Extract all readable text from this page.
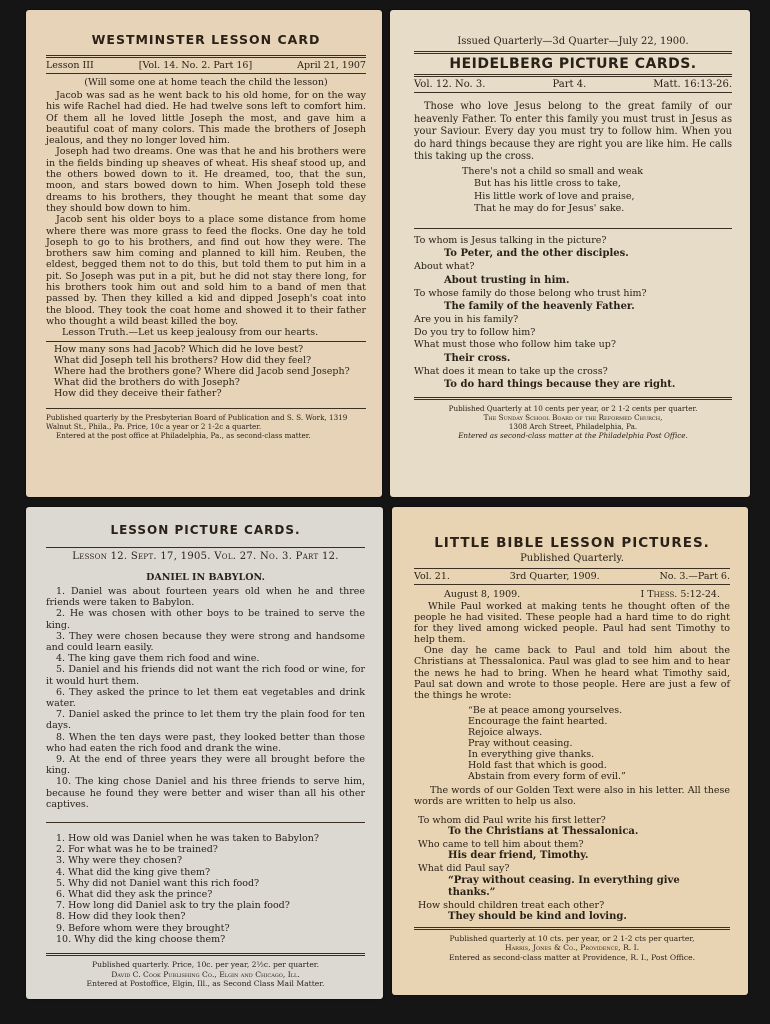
WESTMINSTER LESSON CARD
Lesson III	[Vol. 14. No. 2. Part 16]	April 21, 1907
(Will some one at home teach the child the lesson)

Jacob was sad as he went back to his old home, for on the way his wife Rachel had died. He had twelve sons left to comfort him. Of them all he loved little Joseph the most, and gave him a beautiful coat of many colors. This made the brothers of Joseph jealous, and they no longer loved him.

Joseph had two dreams. One was that he and his brothers were in the fields binding up sheaves of wheat. His sheaf stood up, and the others bowed down to it. He dreamed, too, that the sun, moon, and stars bowed down to him. When Joseph told these dreams to his brothers, they thought he meant that some day they should bow down to him.

Jacob sent his older boys to a place some distance from home where there was more grass to feed the flocks. One day he told Joseph to go to his brothers, and find out how they were. The brothers saw him coming and planned to kill him. Reuben, the eldest, begged them not to do this, but told them to put him in a pit. So Joseph was put in a pit, but he did not stay there long, for his brothers took him out and sold him to a band of men that passed by. Then they killed a kid and dipped Joseph's coat into the blood. They took the coat home and showed it to their father who thought a wild beast killed the boy.

Lesson Truth.—Let us keep jealousy from our hearts.

How many sons had Jacob? Which did he love best?

What did Joseph tell his brothers? How did they feel?

Where had the brothers gone? Where did Jacob send Joseph?

What did the brothers do with Joseph?

How did they deceive their father?

Published quarterly by the Presbyterian Board of Publication and S. S. Work, 1319 Walnut St., Phila., Pa. Price, 10c a year or 2 1-2c a quarter.
Entered at the post office at Philadelphia, Pa., as second-class matter.
Issued Quarterly—3d Quarter—July 22, 1900.
HEIDELBERG PICTURE CARDS.
Vol. 12. No. 3.	Part 4.	Matt. 16:13-26.

Those who love Jesus belong to the great family of our heavenly Father. To enter this family you must trust in Jesus as your Saviour. Every day you must try to follow him. When you do hard things because they are right you are like him. He calls this taking up the cross.

There's not a child so small and weak

But has his little cross to take,

His little work of love and praise,

That he may do for Jesus' sake.

To whom is Jesus talking in the picture?

To Peter, and the other disciples.

About what?

About trusting in him.

To whose family do those belong who trust him?

The family of the heavenly Father.

Are you in his family?

Do you try to follow him?

What must those who follow him take up?

Their cross.

What does it mean to take up the cross?

To do hard things because they are right.

Published Quarterly at 10 cents per year, or 2 1-2 cents per quarter.
The Sunday School Board of the Reformed Church,
1308 Arch Street, Philadelphia, Pa.
Entered as second-class matter at the Philadelphia Post Office.
LESSON PICTURE CARDS.
Lesson 12. Sept. 17, 1905. Vol. 27. No. 3. Part 12.
DANIEL IN BABYLON.

1. Daniel was about fourteen years old when he and three friends were taken to Babylon.

2. He was chosen with other boys to be trained to serve the king.

3. They were chosen because they were strong and handsome and could learn easily.

4. The king gave them rich food and wine.

5. Daniel and his friends did not want the rich food or wine, for it would hurt them.

6. They asked the prince to let them eat vegetables and drink water.

7. Daniel asked the prince to let them try the plain food for ten days.

8. When the ten days were past, they looked better than those who had eaten the rich food and drank the wine.

9. At the end of three years they were all brought before the king.

10. The king chose Daniel and his three friends to serve him, because he found they were better and wiser than all his other captives.

1. How old was Daniel when he was taken to Babylon?

2. For what was he to be trained?

3. Why were they chosen?

4. What did the king give them?

5. Why did not Daniel want this rich food?

6. What did they ask the prince?

7. How long did Daniel ask to try the plain food?

8. How did they look then?

9. Before whom were they brought?

10. Why did the king choose them?

Published quarterly. Price, 10c. per year, 2½c. per quarter.
David C. Cook Publishing Co., Elgin and Chicago, Ill.
Entered at Postoffice, Elgin, Ill., as Second Class Mail Matter.
LITTLE BIBLE LESSON PICTURES.
Published Quarterly.
Vol. 21.	3rd Quarter, 1909.	No. 3.—Part 6.
August 8, 1909.	I Thess. 5:12-24.

While Paul worked at making tents he thought often of the people he had visited. These people had a hard time to do right for they lived among wicked people. Paul had sent Timothy to help them.

One day he came back to Paul and told him about the Christians at Thessalonica. Paul was glad to see him and to hear the news he had to bring. When he heard what Timothy said, Paul sat down and wrote to those people. Here are just a few of the things he wrote:

“Be at peace among yourselves.

Encourage the faint hearted.

Rejoice always.

Pray without ceasing.

In everything give thanks.

Hold fast that which is good.

Abstain from every form of evil.”

The words of our Golden Text were also in his letter. All these words are written to help us also.

To whom did Paul write his first letter?

To the Christians at Thessalonica.

Who came to tell him about them?

His dear friend, Timothy.

What did Paul say?

“Pray without ceasing. In everything give thanks.”

How should children treat each other?

They should be kind and loving.

Published quarterly at 10 cts. per year, or 2 1-2 cts per quarter,
Harris, Jones & Co., Providence, R. I.
Entered as second-class matter at Providence, R. I., Post Office.
